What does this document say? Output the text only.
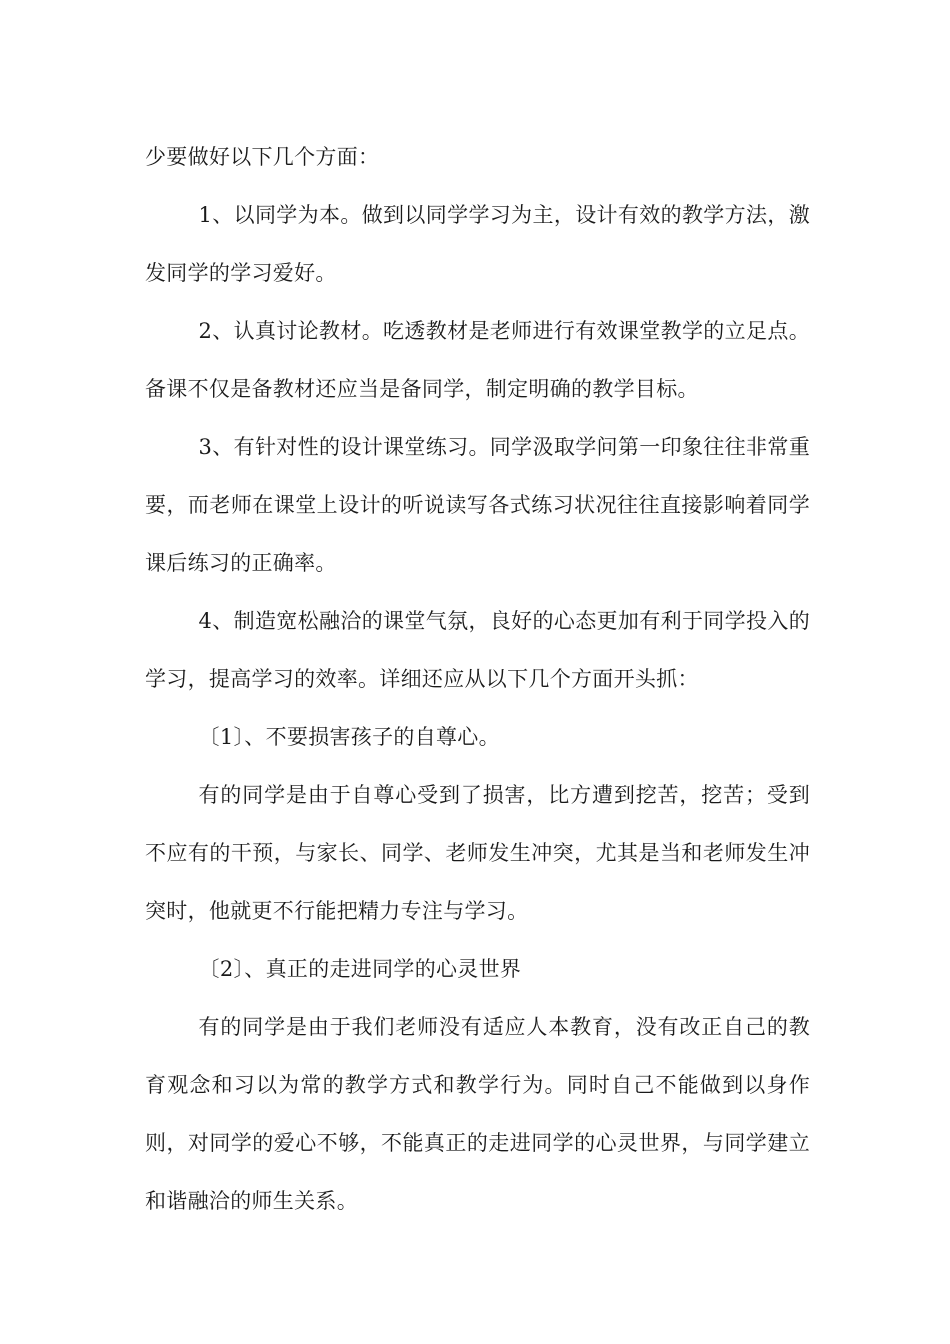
少要做好以下几个方面：

1、以同学为本。做到以同学学习为主，设计有效的教学方法，激发同学的学习爱好。

2、认真讨论教材。吃透教材是老师进行有效课堂教学的立足点。备课不仅是备教材还应当是备同学，制定明确的教学目标。

3、有针对性的设计课堂练习。同学汲取学问第一印象往往非常重要，而老师在课堂上设计的听说读写各式练习状况往往直接影响着同学课后练习的正确率。

4、制造宽松融洽的课堂气氛，良好的心态更加有利于同学投入的学习，提高学习的效率。详细还应从以下几个方面开头抓：

〔1〕、不要损害孩子的自尊心。

有的同学是由于自尊心受到了损害，比方遭到挖苦，挖苦；受到不应有的干预，与家长、同学、老师发生冲突，尤其是当和老师发生冲突时，他就更不行能把精力专注与学习。

〔2〕、真正的走进同学的心灵世界

有的同学是由于我们老师没有适应人本教育，没有改正自己的教育观念和习以为常的教学方式和教学行为。同时自己不能做到以身作则，对同学的爱心不够，不能真正的走进同学的心灵世界，与同学建立和谐融洽的师生关系。
